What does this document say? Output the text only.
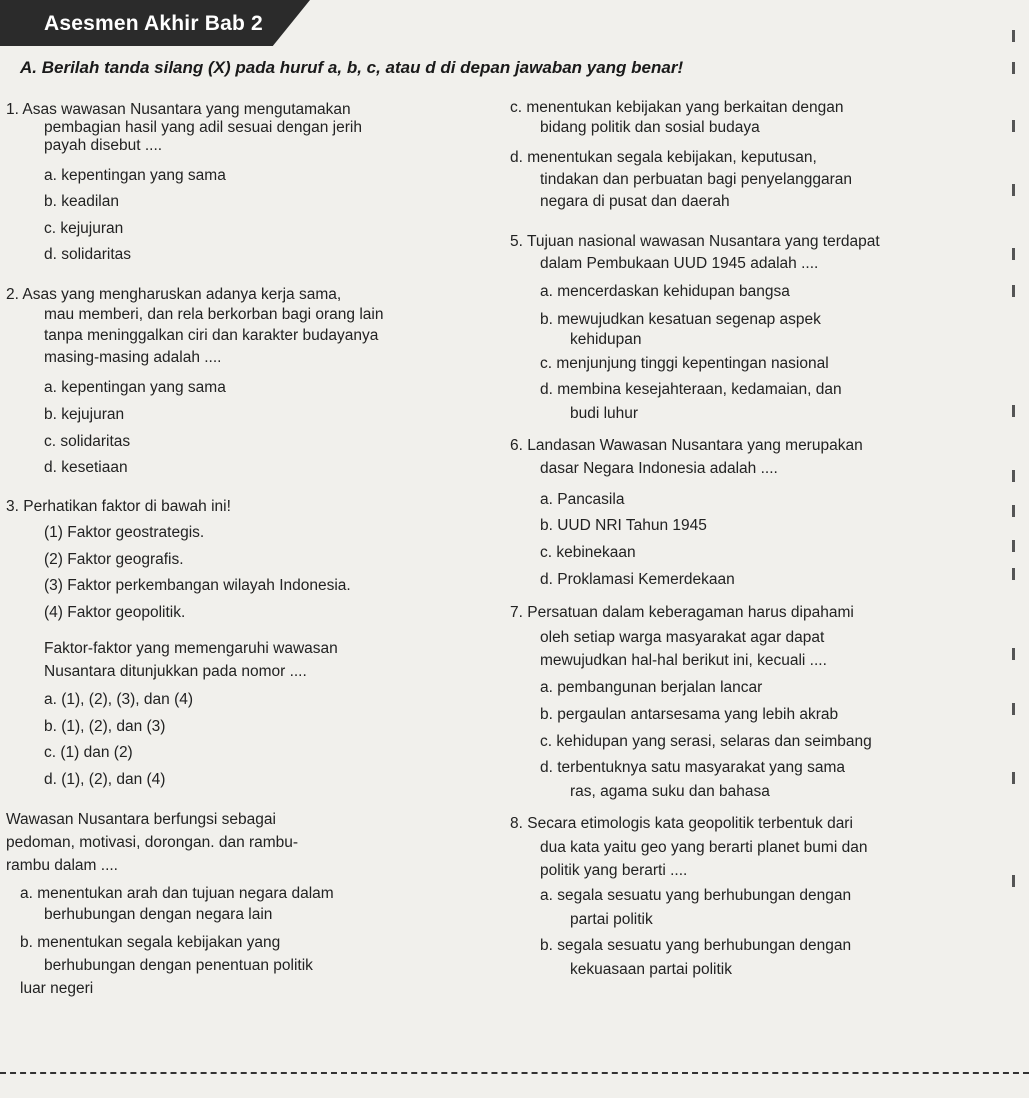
Asesmen Akhir Bab 2
A. Berilah tanda silang (X) pada huruf a, b, c, atau d di depan jawaban yang benar!
1. Asas wawasan Nusantara yang mengutamakan
pembagian hasil yang adil sesuai dengan jerih
payah disebut ....
a. kepentingan yang sama
b. keadilan
c. kejujuran
d. solidaritas
2. Asas yang mengharuskan adanya kerja sama,
mau memberi, dan rela berkorban bagi orang lain
tanpa meninggalkan ciri dan karakter budayanya
masing-masing adalah ....
a. kepentingan yang sama
b. kejujuran
c. solidaritas
d. kesetiaan
3. Perhatikan faktor di bawah ini!
(1) Faktor geostrategis.
(2) Faktor geografis.
(3) Faktor perkembangan wilayah Indonesia.
(4) Faktor geopolitik.
Faktor-faktor yang memengaruhi wawasan
Nusantara ditunjukkan pada nomor ....
a. (1), (2), (3), dan (4)
b. (1), (2), dan (3)
c. (1) dan (2)
d. (1), (2), dan (4)
Wawasan Nusantara berfungsi sebagai
pedoman, motivasi, dorongan. dan rambu-
rambu dalam ....
a. menentukan arah dan tujuan negara dalam
berhubungan dengan negara lain
b. menentukan segala kebijakan yang
berhubungan dengan penentuan politik
luar negeri
c. menentukan kebijakan yang berkaitan dengan
bidang politik dan sosial budaya
d. menentukan segala kebijakan, keputusan,
tindakan dan perbuatan bagi penyelanggaran
negara di pusat dan daerah
5. Tujuan nasional wawasan Nusantara yang terdapat
dalam Pembukaan UUD 1945 adalah ....
a. mencerdaskan kehidupan bangsa
b. mewujudkan kesatuan segenap aspek
kehidupan
c. menjunjung tinggi kepentingan nasional
d. membina kesejahteraan, kedamaian, dan
budi luhur
6. Landasan Wawasan Nusantara yang merupakan
dasar Negara Indonesia adalah ....
a. Pancasila
b. UUD NRI Tahun 1945
c. kebinekaan
d. Proklamasi Kemerdekaan
7. Persatuan dalam keberagaman harus dipahami
oleh setiap warga masyarakat agar dapat
mewujudkan hal-hal berikut ini, kecuali ....
a. pembangunan berjalan lancar
b. pergaulan antarsesama yang lebih akrab
c. kehidupan yang serasi, selaras dan seimbang
d. terbentuknya satu masyarakat yang sama
ras, agama suku dan bahasa
8. Secara etimologis kata geopolitik terbentuk dari
dua kata yaitu geo yang berarti planet bumi dan
politik yang berarti ....
a. segala sesuatu yang berhubungan dengan
partai politik
b. segala sesuatu yang berhubungan dengan
kekuasaan partai politik
